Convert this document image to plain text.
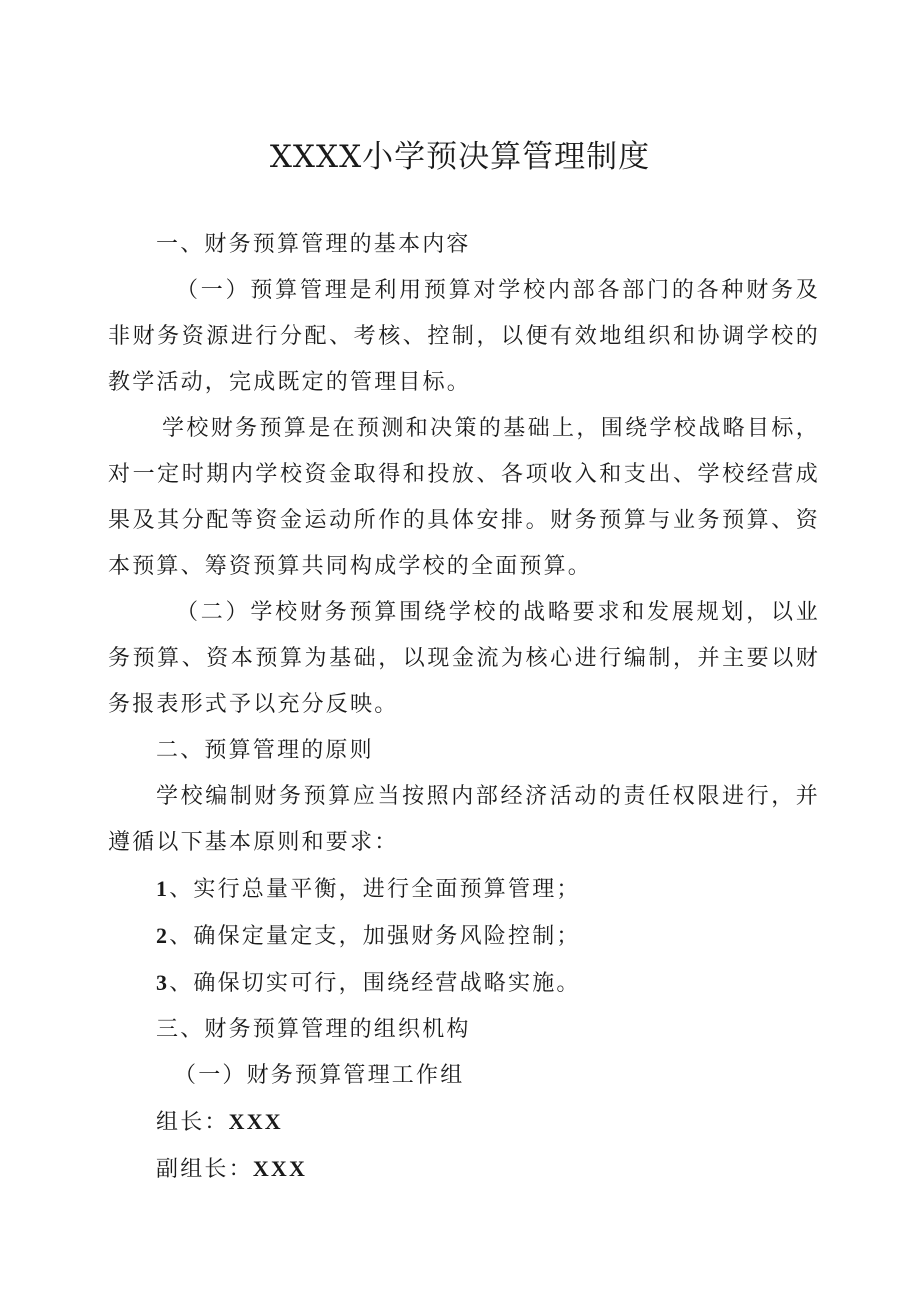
XXXX小学预决算管理制度

一、财务预算管理的基本内容

（一）预算管理是利用预算对学校内部各部门的各种财务及非财务资源进行分配、考核、控制，以便有效地组织和协调学校的教学活动，完成既定的管理目标。

学校财务预算是在预测和决策的基础上，围绕学校战略目标，对一定时期内学校资金取得和投放、各项收入和支出、学校经营成果及其分配等资金运动所作的具体安排。财务预算与业务预算、资本预算、筹资预算共同构成学校的全面预算。

（二）学校财务预算围绕学校的战略要求和发展规划，以业务预算、资本预算为基础，以现金流为核心进行编制，并主要以财务报表形式予以充分反映。

二、预算管理的原则

学校编制财务预算应当按照内部经济活动的责任权限进行，并遵循以下基本原则和要求：

1、实行总量平衡，进行全面预算管理；

2、确保定量定支，加强财务风险控制；

3、确保切实可行，围绕经营战略实施。

三、财务预算管理的组织机构

（一）财务预算管理工作组

组长：XXX

副组长：XXX
